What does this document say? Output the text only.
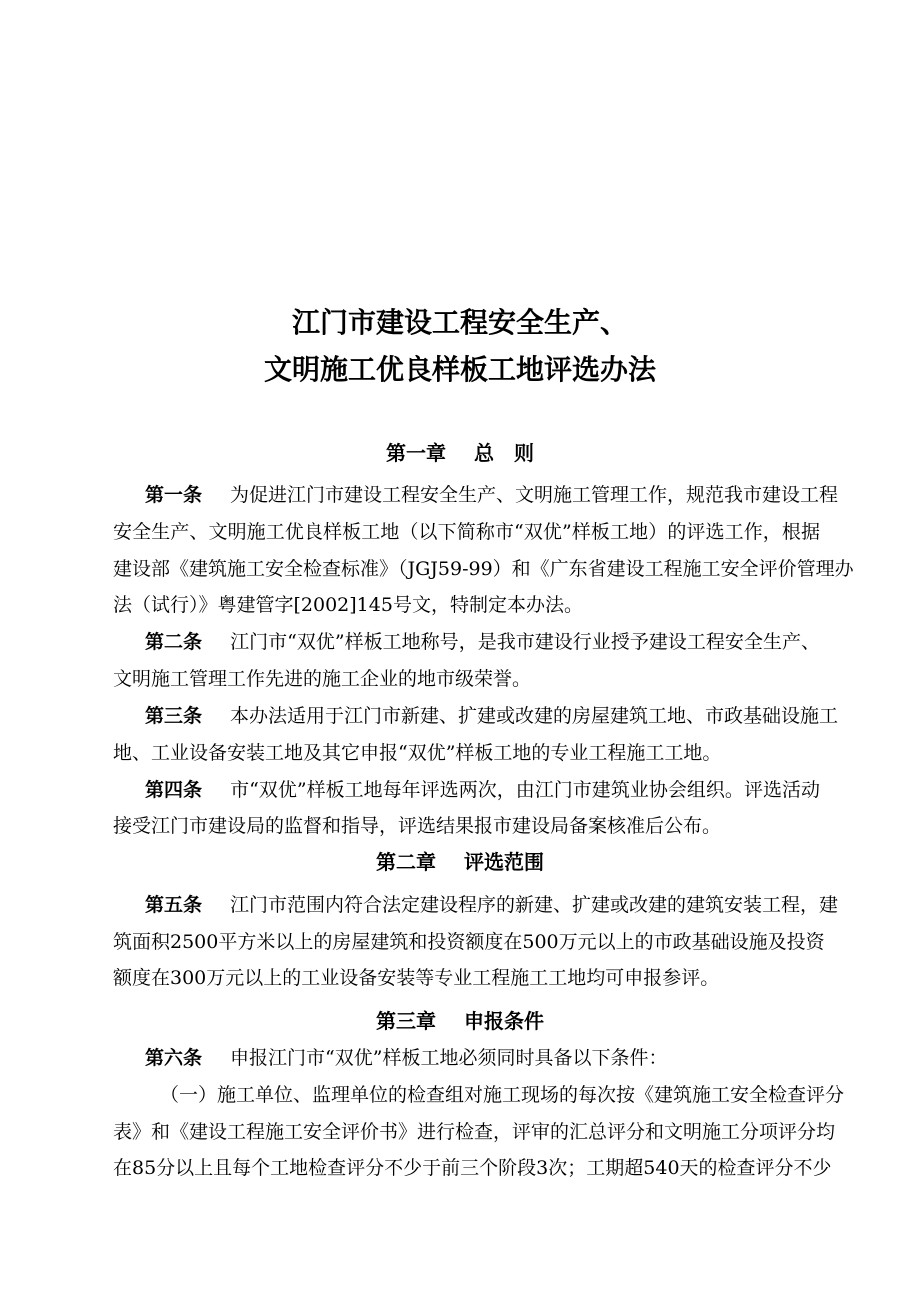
江门市建设工程安全生产、
文明施工优良样板工地评选办法
第一章 总　则
第一条 为促进江门市建设工程安全生产、文明施工管理工作，规范我市建设工程
安全生产、文明施工优良样板工地（以下简称市“双优”样板工地）的评选工作，根据
建设部《建筑施工安全检查标准》（JGJ59-99）和《广东省建设工程施工安全评价管理办
法（试行）》粤建管字[2002]145号文，特制定本办法。
第二条 江门市“双优”样板工地称号，是我市建设行业授予建设工程安全生产、
文明施工管理工作先进的施工企业的地市级荣誉。
第三条 本办法适用于江门市新建、扩建或改建的房屋建筑工地、市政基础设施工
地、工业设备安装工地及其它申报“双优”样板工地的专业工程施工工地。
第四条 市“双优”样板工地每年评选两次，由江门市建筑业协会组织。评选活动
接受江门市建设局的监督和指导，评选结果报市建设局备案核准后公布。
第二章 评选范围
第五条 江门市范围内符合法定建设程序的新建、扩建或改建的建筑安装工程，建
筑面积2500平方米以上的房屋建筑和投资额度在500万元以上的市政基础设施及投资
额度在300万元以上的工业设备安装等专业工程施工工地均可申报参评。
第三章 申报条件
第六条 申报江门市“双优”样板工地必须同时具备以下条件：
（一）施工单位、监理单位的检查组对施工现场的每次按《建筑施工安全检查评分
表》和《建设工程施工安全评价书》进行检查，评审的汇总评分和文明施工分项评分均
在85分以上且每个工地检查评分不少于前三个阶段3次；工期超540天的检查评分不少
